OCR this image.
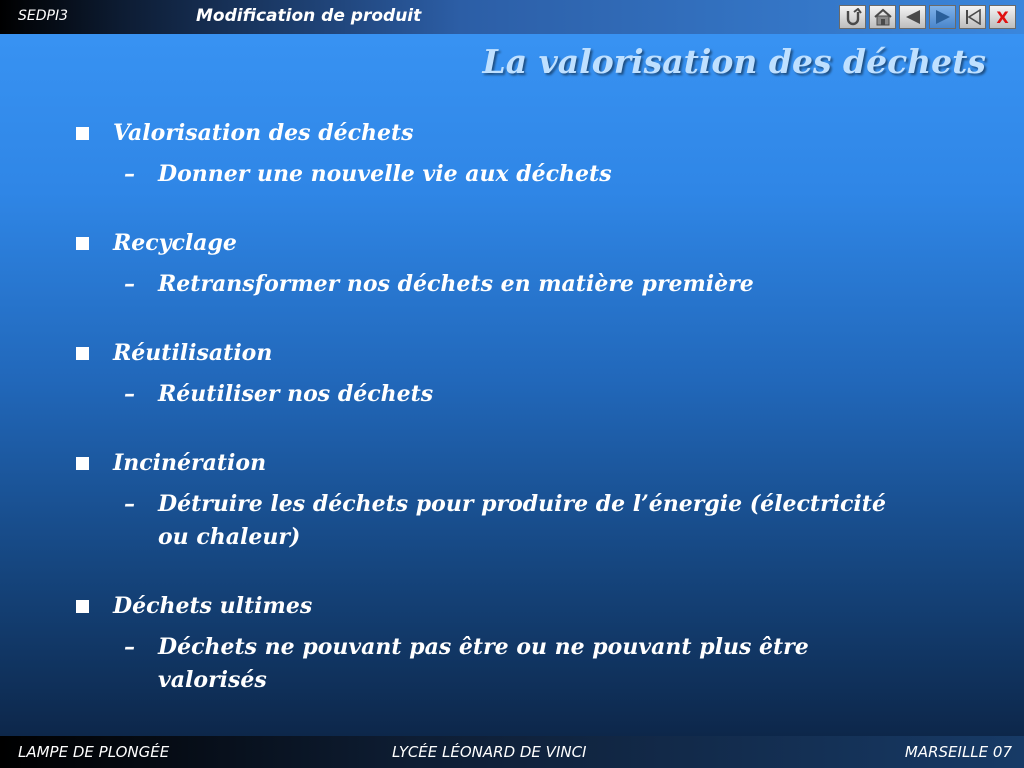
SEDPI3	Modification de produit	X
La valorisation des déchets
Valorisation des déchets
–	Donner une nouvelle vie aux déchets
Recyclage
–	Retransformer nos déchets en matière première
Réutilisation
–	Réutiliser nos déchets
Incinération
–	Détruire les déchets pour produire de l’énergie (électricité ou chaleur)
Déchets ultimes
–	Déchets ne pouvant pas être ou ne pouvant plus être valorisés
LAMPE DE PLONGÉE	LYCÉE LÉONARD DE VINCI	MARSEILLE 07
